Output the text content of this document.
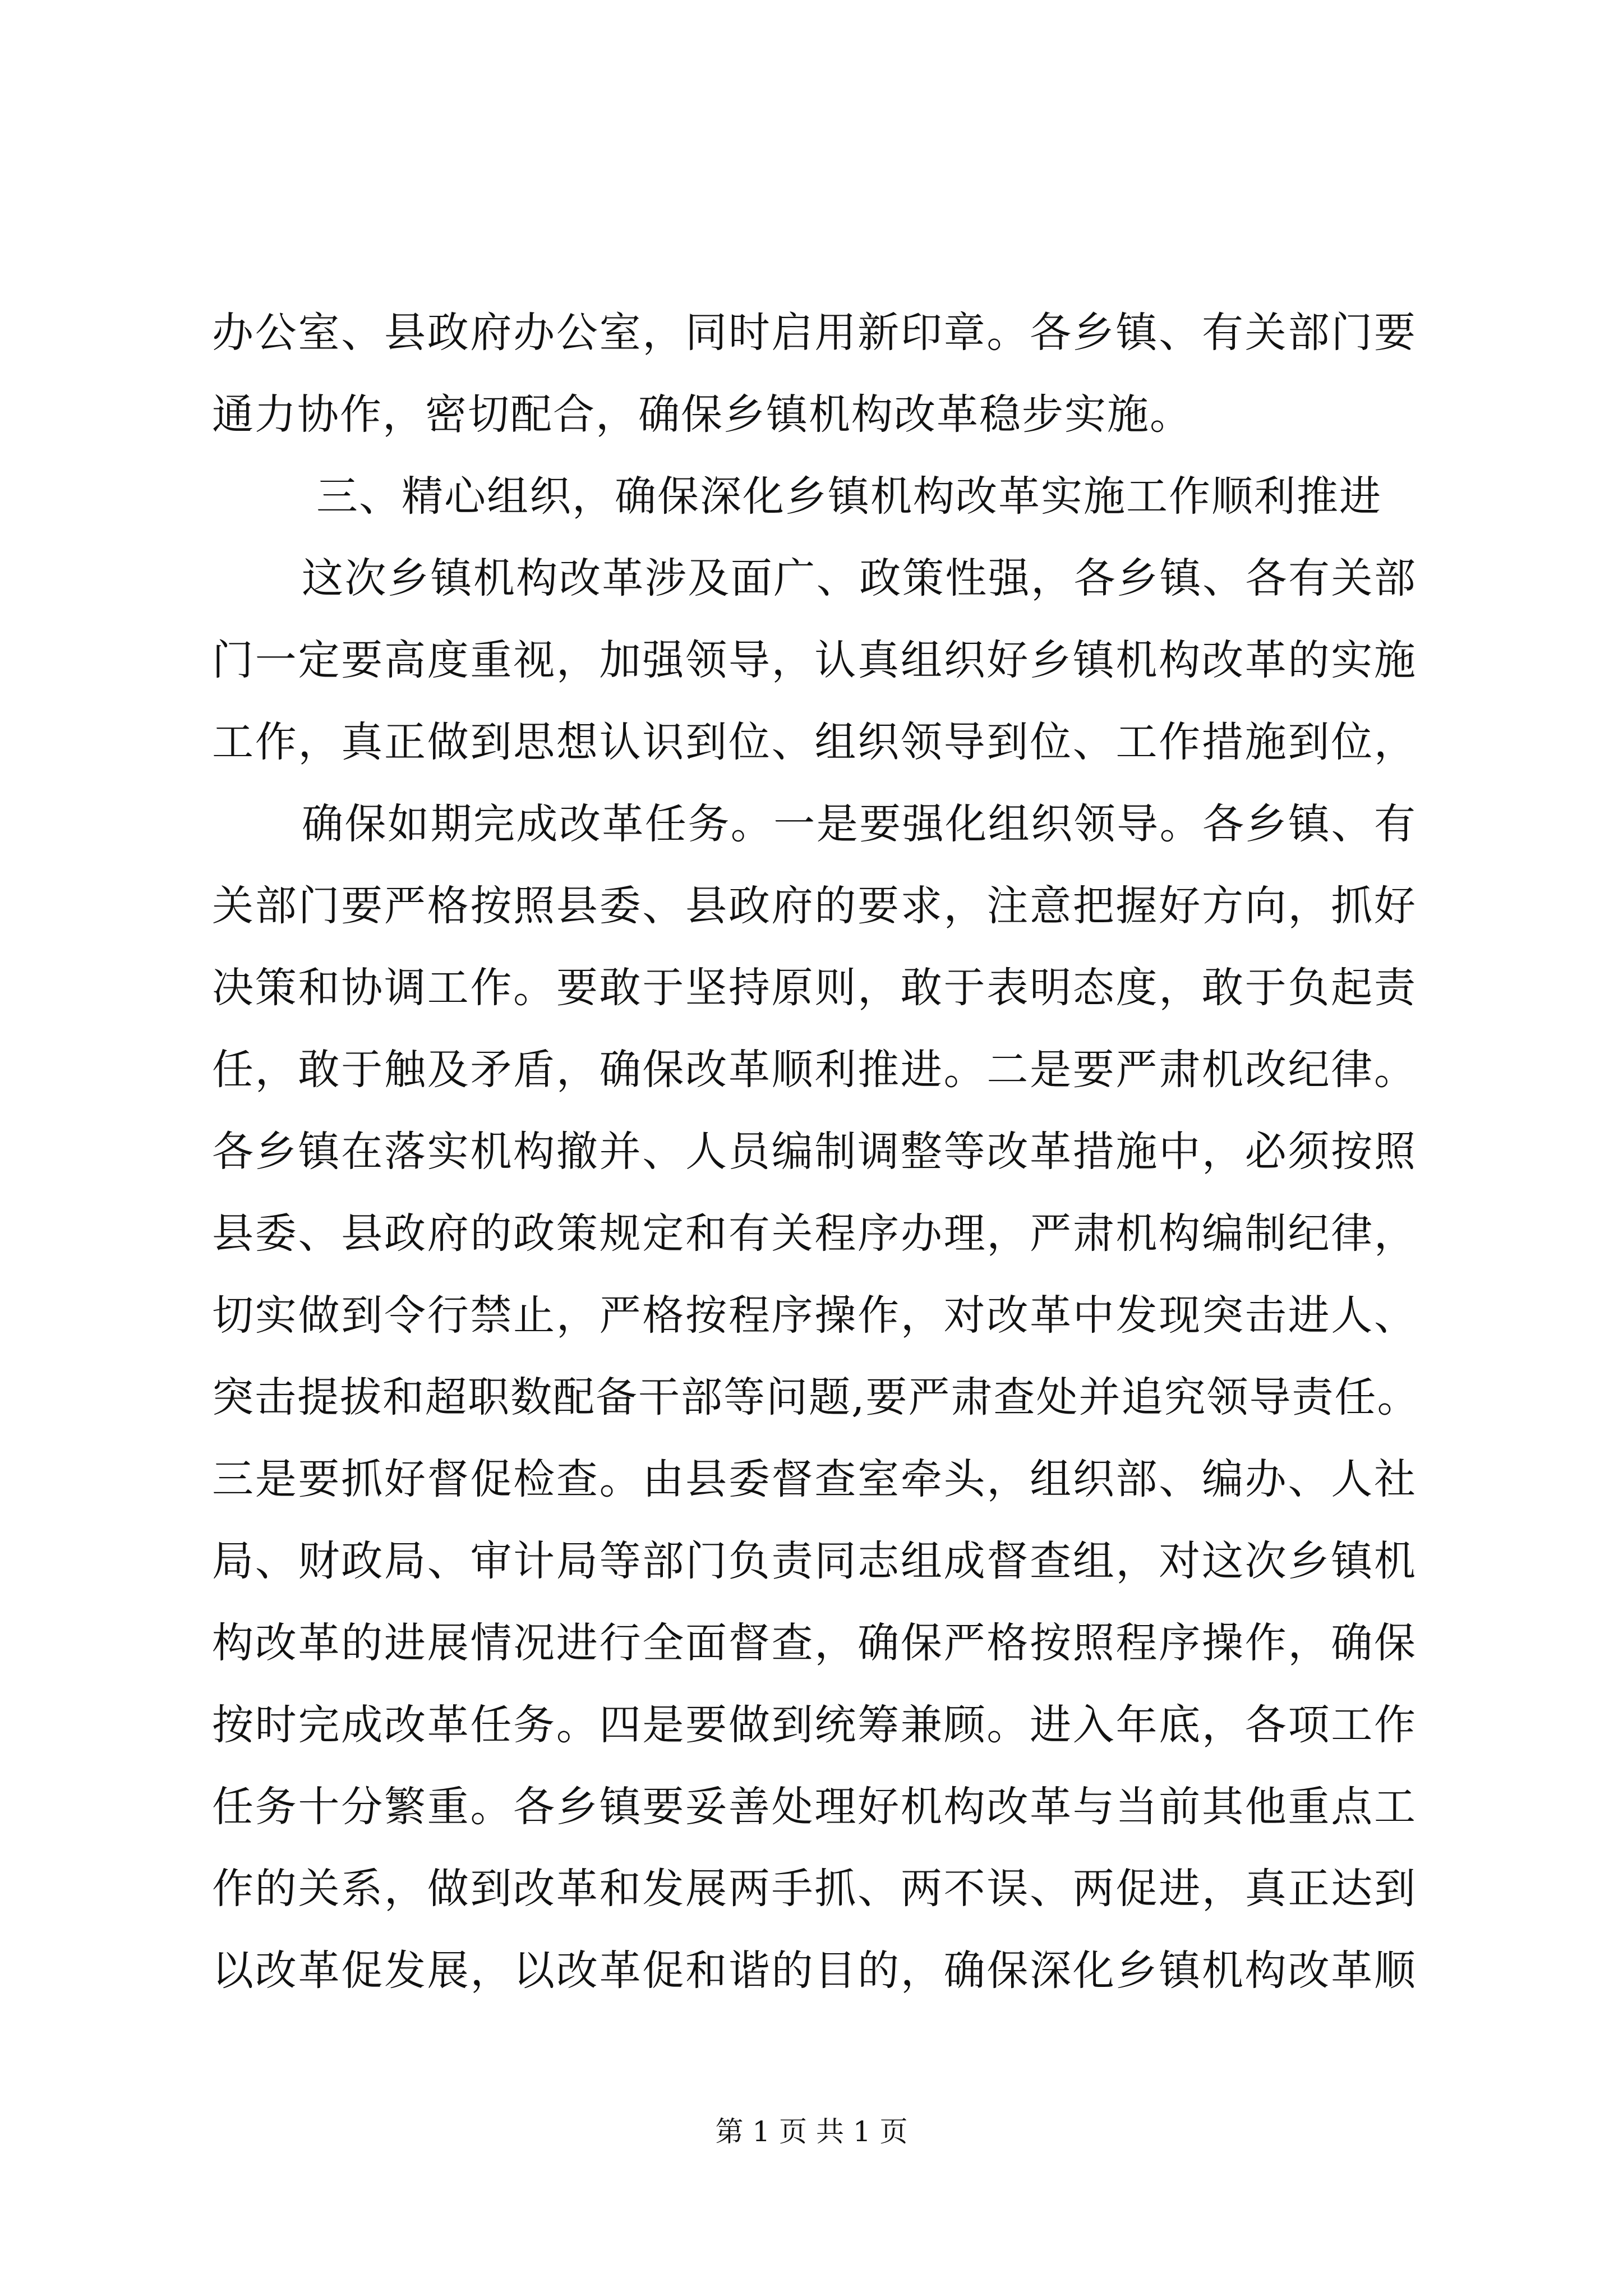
办公室、县政府办公室，同时启用新印章。各乡镇、有关部门要
通力协作，密切配合，确保乡镇机构改革稳步实施。
三、精心组织，确保深化乡镇机构改革实施工作顺利推进
这次乡镇机构改革涉及面广、政策性强，各乡镇、各有关部
门一定要高度重视，加强领导，认真组织好乡镇机构改革的实施
工作，真正做到思想认识到位、组织领导到位、工作措施到位，
确保如期完成改革任务。一是要强化组织领导。各乡镇、有
关部门要严格按照县委、县政府的要求，注意把握好方向，抓好
决策和协调工作。要敢于坚持原则，敢于表明态度，敢于负起责
任，敢于触及矛盾，确保改革顺利推进。二是要严肃机改纪律。
各乡镇在落实机构撤并、人员编制调整等改革措施中，必须按照
县委、县政府的政策规定和有关程序办理，严肃机构编制纪律，
切实做到令行禁止，严格按程序操作，对改革中发现突击进人、
突击提拔和超职数配备干部等问题,要严肃查处并追究领导责任。
三是要抓好督促检查。由县委督查室牵头，组织部、编办、人社
局、财政局、审计局等部门负责同志组成督查组，对这次乡镇机
构改革的进展情况进行全面督查，确保严格按照程序操作，确保
按时完成改革任务。四是要做到统筹兼顾。进入年底，各项工作
任务十分繁重。各乡镇要妥善处理好机构改革与当前其他重点工
作的关系，做到改革和发展两手抓、两不误、两促进，真正达到
以改革促发展，以改革促和谐的目的，确保深化乡镇机构改革顺
第 1 页 共 1 页
